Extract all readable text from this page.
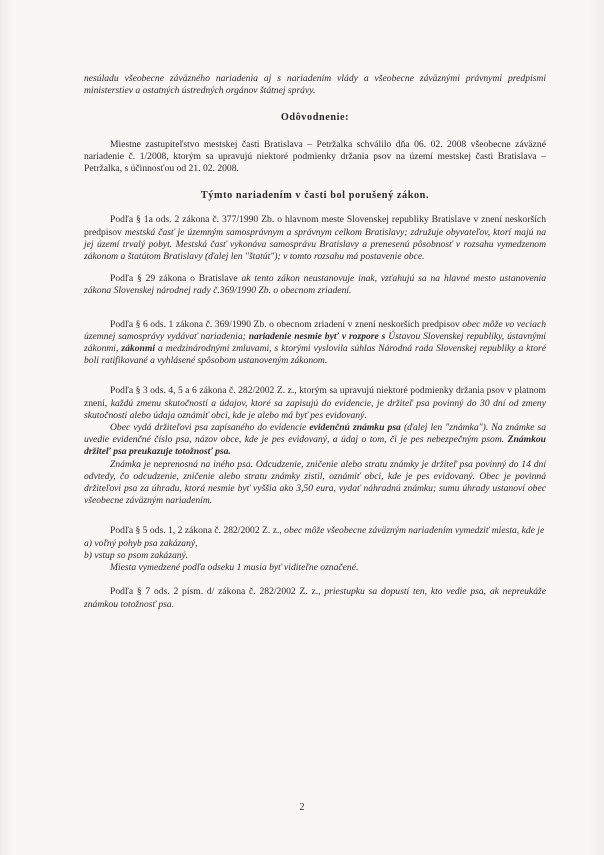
nesúladu všeobecne záväzného nariadenia aj s nariadením vlády a všeobecne záväznými právnymi predpismi ministerstiev a ostatných ústredných orgánov štátnej správy.

Odôvodnenie:

Miestne zastupiteľstvo mestskej časti Bratislava – Petržalka schválilo dňa 06. 02. 2008 všeobecne záväzné nariadenie č. 1/2008, ktorým sa upravujú niektoré podmienky držania psov na území mestskej časti Bratislava – Petržalka, s účinnosťou od 21. 02. 2008.

Týmto nariadením v časti bol porušený zákon.

Podľa § 1a ods. 2 zákona č. 377/1990 Zb. o hlavnom meste Slovenskej republiky Bratislave v znení neskorších predpisov mestská časť je územným samosprávnym a správnym celkom Bratislavy; združuje obyvateľov, ktorí majú na jej území trvalý pobyt. Mestská časť vykonáva samosprávu Bratislavy a prenesenú pôsobnosť v rozsahu vymedzenom zákonom a štatútom Bratislavy (ďalej len "štatút"); v tomto rozsahu má postavenie obce.

Podľa § 29 zákona o Bratislave ak tento zákon neustanovuje inak, vzťahujú sa na hlavné mesto ustanovenia zákona Slovenskej národnej rady č.369/1990 Zb. o obecnom zriadení.

Podľa § 6 ods. 1 zákona č. 369/1990 Zb. o obecnom zriadení v znení neskorších predpisov obec môže vo veciach územnej samosprávy vydávať nariadenia; nariadenie nesmie byť v rozpore s Ústavou Slovenskej republiky, ústavnými zákonmi, zákonmi a medzinárodnými zmluvami, s ktorými vyslovila súhlas Národná rada Slovenskej republiky a ktoré boli ratifikované a vyhlásené spôsobom ustanoveným zákonom.

Podľa § 3 ods. 4, 5 a 6 zákona č. 282/2002 Z. z., ktorým sa upravujú niektoré podmienky držania psov v platnom znení, každú zmenu skutočností a údajov, ktoré sa zapisujú do evidencie, je držiteľ psa povinný do 30 dní od zmeny skutočnosti alebo údaja oznámiť obci, kde je alebo má byť pes evidovaný.

Obec vydá držiteľovi psa zapísaného do evidencie evidenčnú známku psa (ďalej len "známka"). Na známke sa uvedie evidenčné číslo psa, názov obce, kde je pes evidovaný, a údaj o tom, či je pes nebezpečným psom. Známkou držiteľ psa preukazuje totožnosť psa.

Známka je neprenosná na iného psa. Odcudzenie, zničenie alebo stratu známky je držiteľ psa povinný do 14 dní odvtedy, čo odcudzenie, zničenie alebo stratu známky zistil, oznámiť obci, kde je pes evidovaný. Obec je povinná držiteľovi psa za úhradu, ktorá nesmie byť vyššia ako 3,50 eura, vydať náhradnú známku; sumu úhrady ustanoví obec všeobecne záväzným nariadením.

Podľa § 5 ods. 1, 2 zákona č. 282/2002 Z. z., obec môže všeobecne záväzným nariadením vymedziť miesta, kde je

a) voľný pohyb psa zakázaný,

b) vstup so psom zakázaný.

Miesta vymedzené podľa odseku 1 musia byť viditeľne označené.

Podľa § 7 ods. 2 písm. d/ zákona č. 282/2002 Z. z., priestupku sa dopustí ten, kto vedie psa, ak nepreukáže známkou totožnosť psa.

2
